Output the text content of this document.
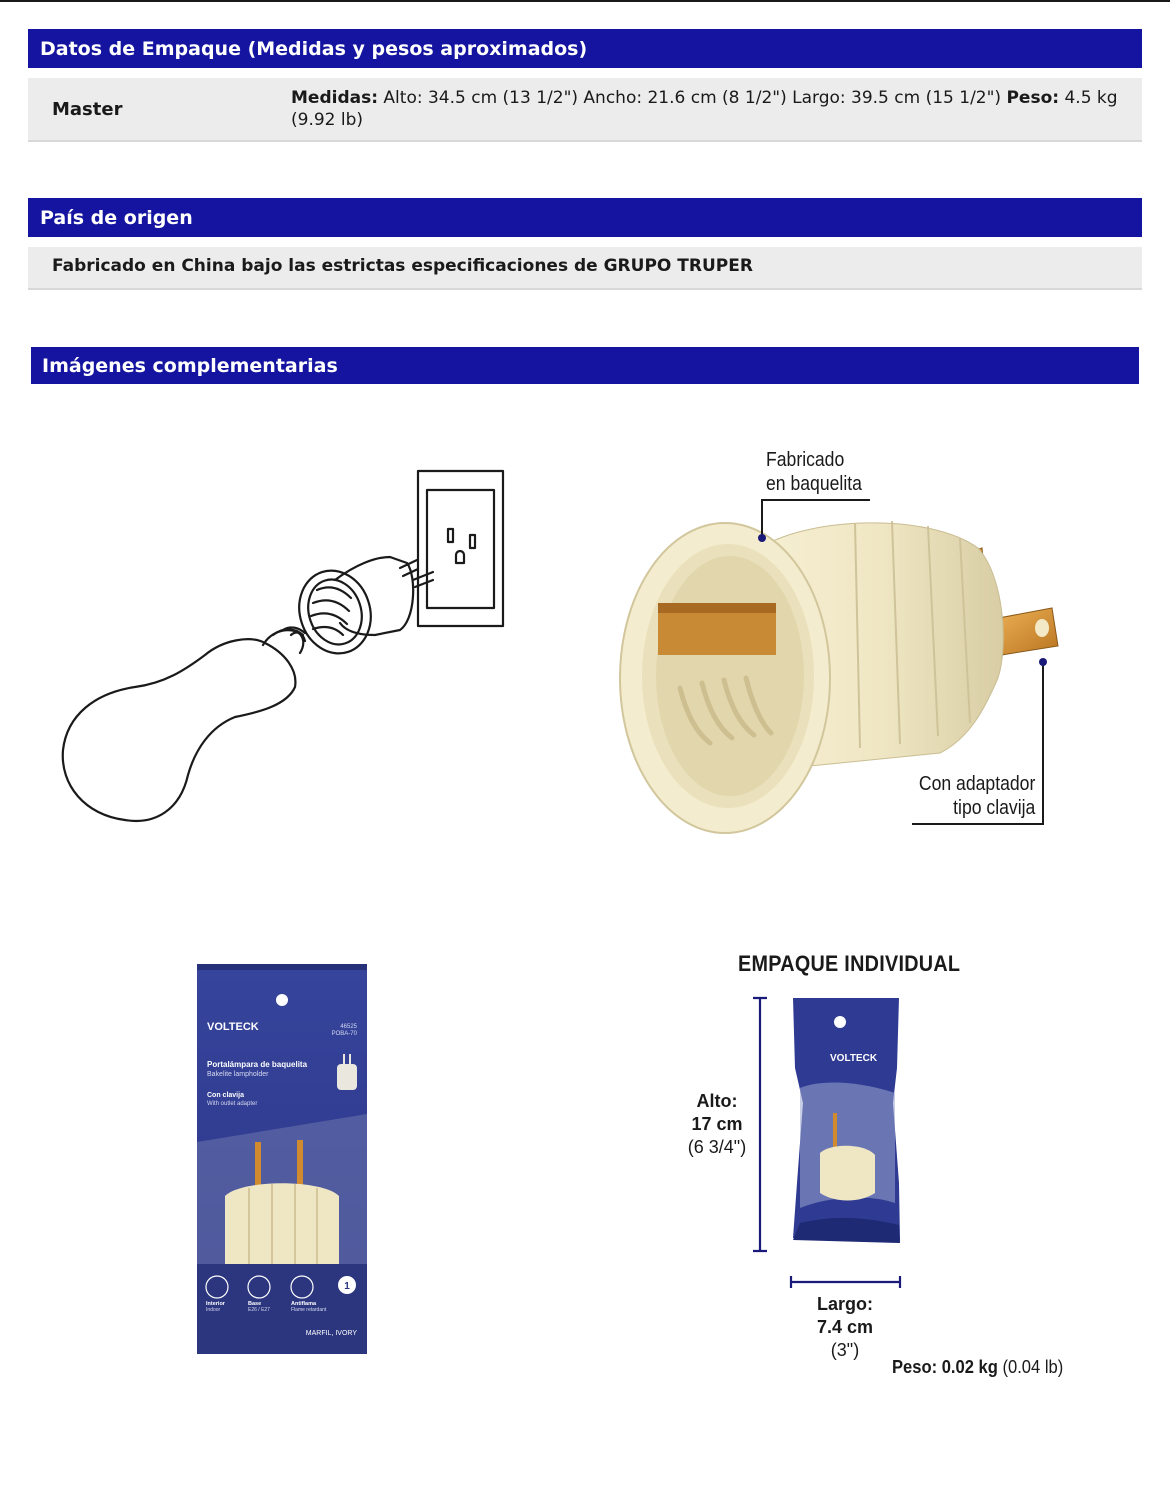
Datos de Empaque (Medidas y pesos aproximados)
Master
Medidas: Alto: 34.5 cm (13 1/2") Ancho: 21.6 cm (8 1/2") Largo: 39.5 cm (15 1/2") Peso: 4.5 kg (9.92 lb)
País de origen
Fabricado en China bajo las estrictas especificaciones de GRUPO TRUPER
Imágenes complementarias
Fabricado
en baquelita
Con adaptador
tipo clavija
VOLTECK	46525
POBA-70
Portalámpara de baquelita
Bakelite lampholder
Con clavija
With outlet adapter
1
Interior
Indoor
Base
E26 / E27
Antiflama
Flame retardant
MARFIL, IVORY
EMPAQUE INDIVIDUAL
VOLTECK
Alto:
17 cm
(6 3/4")
Largo:
7.4 cm
(3")
Peso: 0.02 kg (0.04 lb)
